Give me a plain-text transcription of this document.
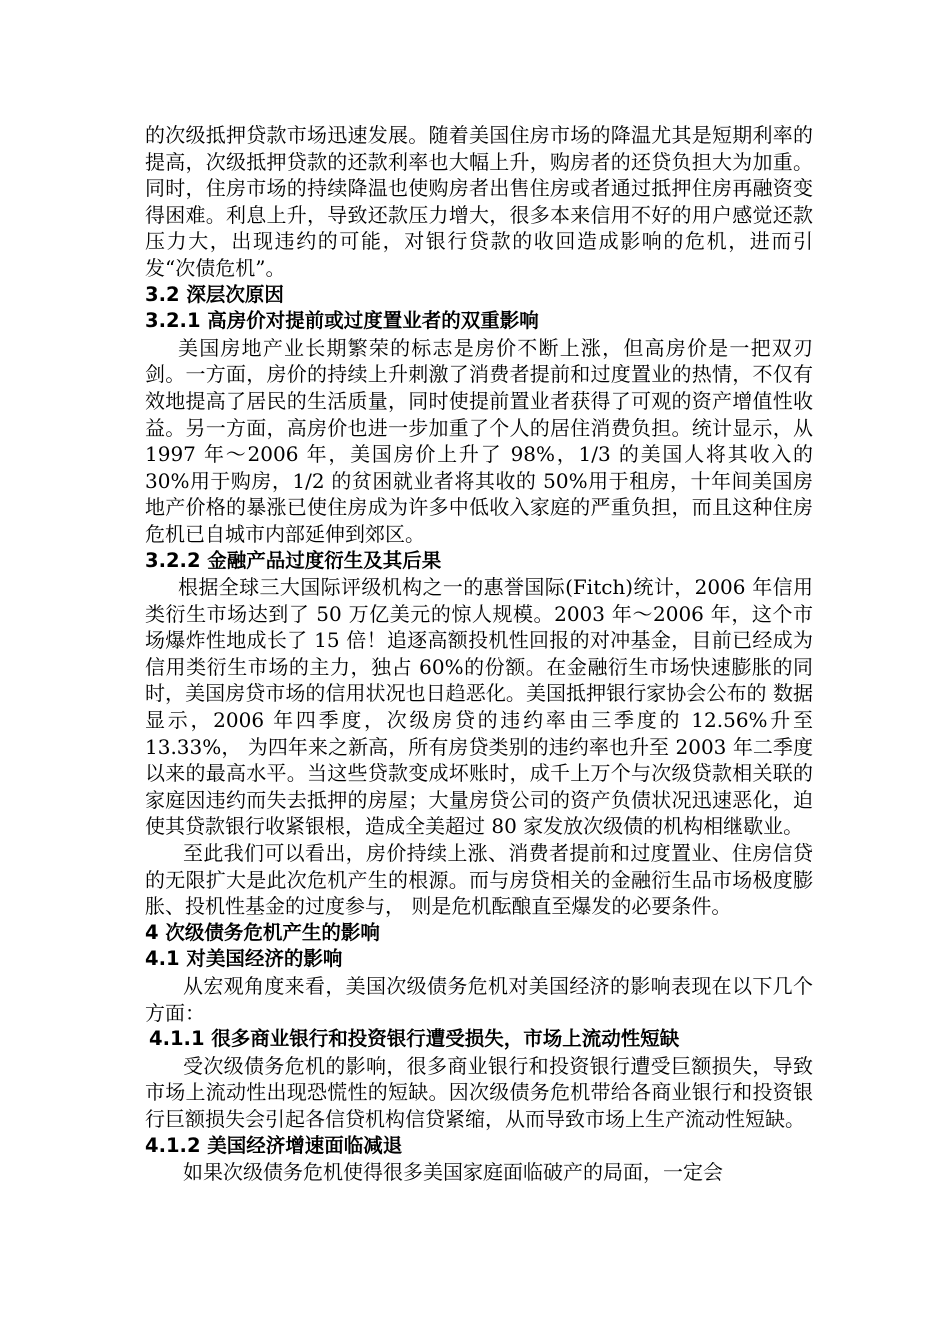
的次级抵押贷款市场迅速发展。随着美国住房市场的降温尤其是短期利率的提高，次级抵押贷款的还款利率也大幅上升，购房者的还贷负担大为加重。同时，住房市场的持续降温也使购房者出售住房或者通过抵押住房再融资变得困难。利息上升，导致还款压力增大，很多本来信用不好的用户感觉还款压力大，出现违约的可能，对银行贷款的收回造成影响的危机，进而引发“次债危机”。

3.2 深层次原因

3.2.1 高房价对提前或过度置业者的双重影响

美国房地产业长期繁荣的标志是房价不断上涨，但高房价是一把双刃剑。一方面，房价的持续上升刺激了消费者提前和过度置业的热情，不仅有效地提高了居民的生活质量，同时使提前置业者获得了可观的资产增值性收益。另一方面，高房价也进一步加重了个人的居住消费负担。统计显示，从 1997 年～2006 年，美国房价上升了 98%，1/3 的美国人将其收入的 30%用于购房，1/2 的贫困就业者将其收的 50%用于租房，十年间美国房地产价格的暴涨已使住房成为许多中低收入家庭的严重负担，而且这种住房危机已自城市内部延伸到郊区。

3.2.2 金融产品过度衍生及其后果

根据全球三大国际评级机构之一的惠誉国际(Fitch)统计，2006 年信用类衍生市场达到了 50 万亿美元的惊人规模。2003 年～2006 年，这个市场爆炸性地成长了 15 倍！追逐高额投机性回报的对冲基金，目前已经成为信用类衍生市场的主力，独占 60%的份额。在金融衍生市场快速膨胀的同时，美国房贷市场的信用状况也日趋恶化。美国抵押银行家协会公布的 数据显示，2006 年四季度，次级房贷的违约率由三季度的 12.56%升至 13.33%， 为四年来之新高，所有房贷类别的违约率也升至 2003 年二季度以来的最高水平。当这些贷款变成坏账时，成千上万个与次级贷款相关联的家庭因违约而失去抵押的房屋；大量房贷公司的资产负债状况迅速恶化，迫使其贷款银行收紧银根，造成全美超过 80 家发放次级债的机构相继歇业。

至此我们可以看出，房价持续上涨、消费者提前和过度置业、住房信贷的无限扩大是此次危机产生的根源。而与房贷相关的金融衍生品市场极度膨胀、投机性基金的过度参与， 则是危机酝酿直至爆发的必要条件。

4 次级债务危机产生的影响

4.1 对美国经济的影响

从宏观角度来看，美国次级债务危机对美国经济的影响表现在以下几个方面：

4.1.1 很多商业银行和投资银行遭受损失，市场上流动性短缺

受次级债务危机的影响，很多商业银行和投资银行遭受巨额损失，导致市场上流动性出现恐慌性的短缺。因次级债务危机带给各商业银行和投资银行巨额损失会引起各信贷机构信贷紧缩，从而导致市场上生产流动性短缺。

4.1.2 美国经济增速面临减退

如果次级债务危机使得很多美国家庭面临破产的局面，一定会
